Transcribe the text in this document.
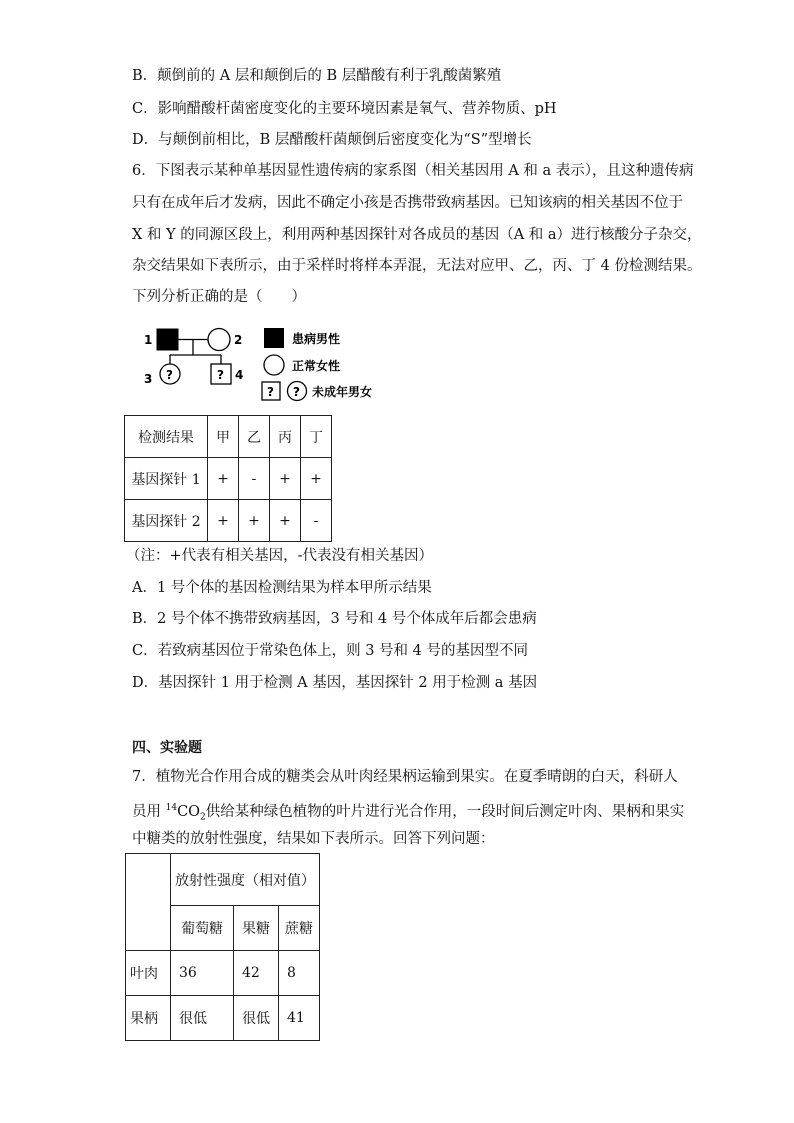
B．颠倒前的 A 层和颠倒后的 B 层醋酸有利于乳酸菌繁殖
C．影响醋酸杆菌密度变化的主要环境因素是氧气、营养物质、pH
D．与颠倒前相比，B 层醋酸杆菌颠倒后密度变化为“S”型增长
6．下图表示某种单基因显性遗传病的家系图（相关基因用 A 和 a 表示），且这种遗传病
只有在成年后才发病，因此不确定小孩是否携带致病基因。已知该病的相关基因不位于
X 和 Y 的同源区段上，利用两种基因探针对各成员的基因（A 和 a）进行核酸分子杂交，
杂交结果如下表所示，由于采样时将样本弄混，无法对应甲、乙，丙、丁 4 份检测结果。
下列分析正确的是（　　）
1	2
3 ?	? 4
患病男性
正常女性
? ? 未成年男女
检测结果	甲	乙	丙	丁
基因探针 1	+	-	+	+
基因探针 2	+	+	+	-
（注：+代表有相关基因，-代表没有相关基因）
A．1 号个体的基因检测结果为样本甲所示结果
B．2 号个体不携带致病基因，3 号和 4 号个体成年后都会患病
C．若致病基因位于常染色体上，则 3 号和 4 号的基因型不同
D．基因探针 1 用于检测 A 基因，基因探针 2 用于检测 a 基因
四、实验题
7．植物光合作用合成的糖类会从叶肉经果柄运输到果实。在夏季晴朗的白天，科研人
员用 $^{14}CO_2$供给某种绿色植物的叶片进行光合作用，一段时间后测定叶肉、果柄和果实
中糖类的放射性强度，结果如下表所示。回答下列问题：
	放射性强度（相对值）		
	葡萄糖	果糖	蔗糖
叶肉	36	42	8
果柄	很低	很低	41
